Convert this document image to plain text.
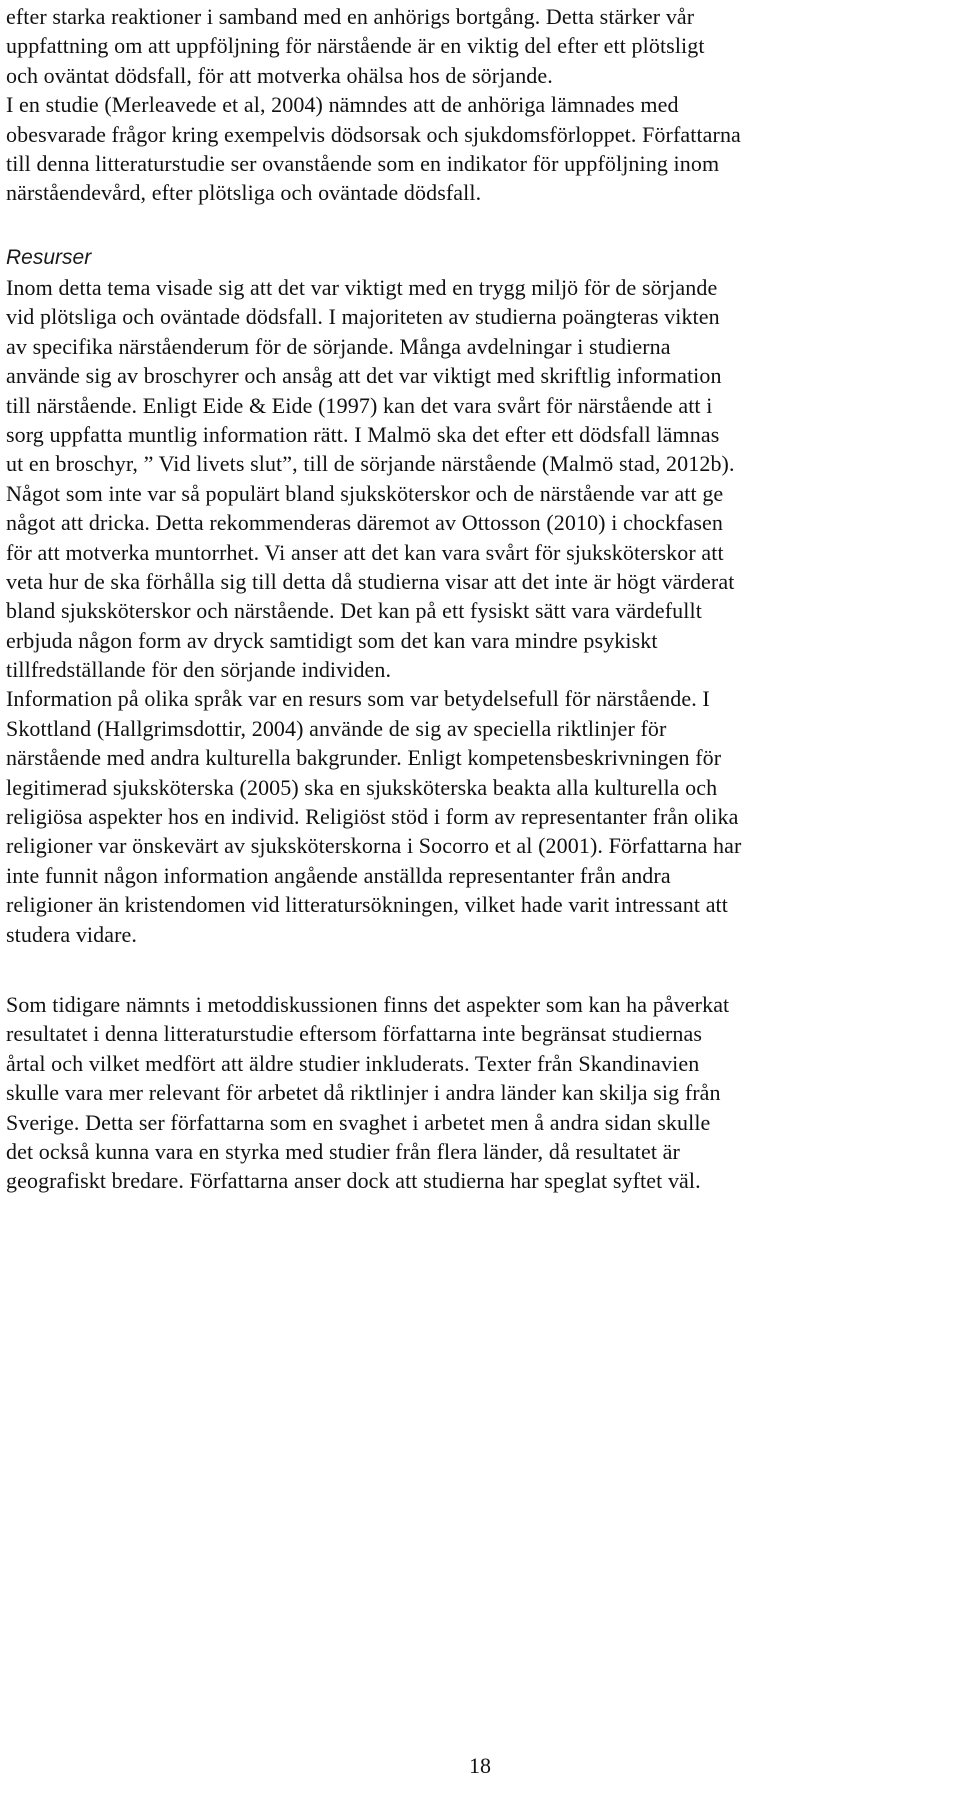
efter starka reaktioner i samband med en anhörigs bortgång. Detta stärker vår
uppfattning om att uppföljning för närstående är en viktig del efter ett plötsligt
och oväntat dödsfall, för att motverka ohälsa hos de sörjande.
I en studie (Merleavede et al, 2004) nämndes att de anhöriga lämnades med
obesvarade frågor kring exempelvis dödsorsak och sjukdomsförloppet. Författarna
till denna litteraturstudie ser ovanstående som en indikator för uppföljning inom
närståendevård, efter plötsliga och oväntade dödsfall.
Resurser
Inom detta tema visade sig att det var viktigt med en trygg miljö för de sörjande
vid plötsliga och oväntade dödsfall. I majoriteten av studierna poängteras vikten
av specifika närståenderum för de sörjande. Många avdelningar i studierna
använde sig av broschyrer och ansåg att det var viktigt med skriftlig information
till närstående. Enligt Eide & Eide (1997) kan det vara svårt för närstående att i
sorg uppfatta muntlig information rätt. I Malmö ska det efter ett dödsfall lämnas
ut en broschyr, ” Vid livets slut”, till de sörjande närstående (Malmö stad, 2012b).
Något som inte var så populärt bland sjuksköterskor och de närstående var att ge
något att dricka. Detta rekommenderas däremot av Ottosson (2010) i chockfasen
för att motverka muntorrhet. Vi anser att det kan vara svårt för sjuksköterskor att
veta hur de ska förhålla sig till detta då studierna visar att det inte är högt värderat
bland sjuksköterskor och närstående. Det kan på ett fysiskt sätt vara värdefullt
erbjuda någon form av dryck samtidigt som det kan vara mindre psykiskt
tillfredställande för den sörjande individen.
Information på olika språk var en resurs som var betydelsefull för närstående. I
Skottland (Hallgrimsdottir, 2004) använde de sig av speciella riktlinjer för
närstående med andra kulturella bakgrunder. Enligt kompetensbeskrivningen för
legitimerad sjuksköterska (2005) ska en sjuksköterska beakta alla kulturella och
religiösa aspekter hos en individ. Religiöst stöd i form av representanter från olika
religioner var önskevärt av sjuksköterskorna i Socorro et al (2001). Författarna har
inte funnit någon information angående anställda representanter från andra
religioner än kristendomen vid litteratursökningen, vilket hade varit intressant att
studera vidare.
Som tidigare nämnts i metoddiskussionen finns det aspekter som kan ha påverkat
resultatet i denna litteraturstudie eftersom författarna inte begränsat studiernas
årtal och vilket medfört att äldre studier inkluderats. Texter från Skandinavien
skulle vara mer relevant för arbetet då riktlinjer i andra länder kan skilja sig från
Sverige. Detta ser författarna som en svaghet i arbetet men å andra sidan skulle
det också kunna vara en styrka med studier från flera länder, då resultatet är
geografiskt bredare. Författarna anser dock att studierna har speglat syftet väl.
18
